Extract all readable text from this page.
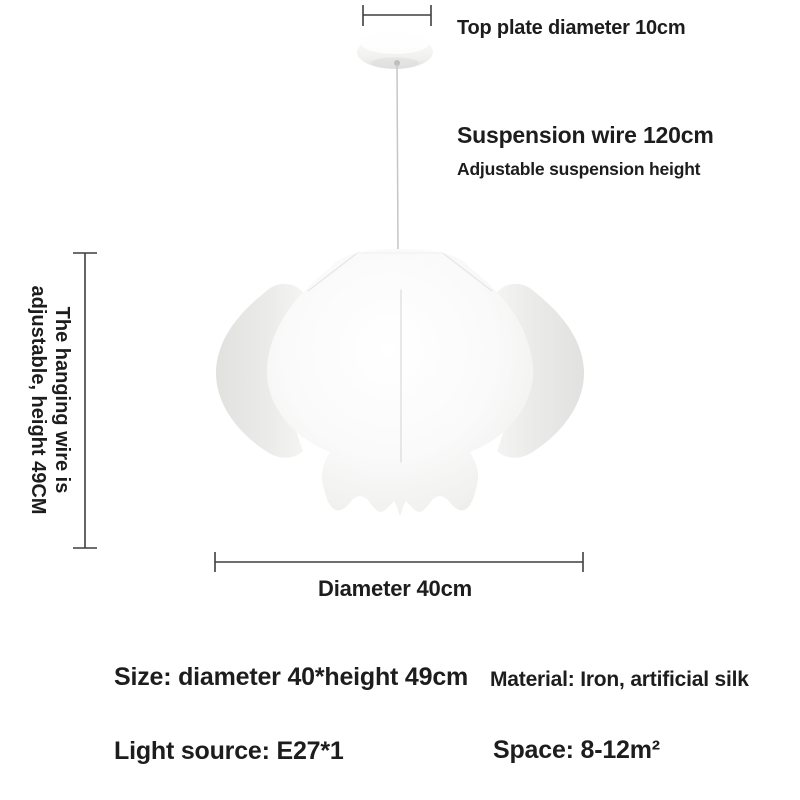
Top plate diameter 10cm
Suspension wire 120cm
Adjustable suspension height
The hanging wire is
adjustable, height 49CM
Diameter 40cm
Size: diameter 40*height 49cm Material: Iron, artificial silk
Light source: E27*1	Space: 8-12m²
